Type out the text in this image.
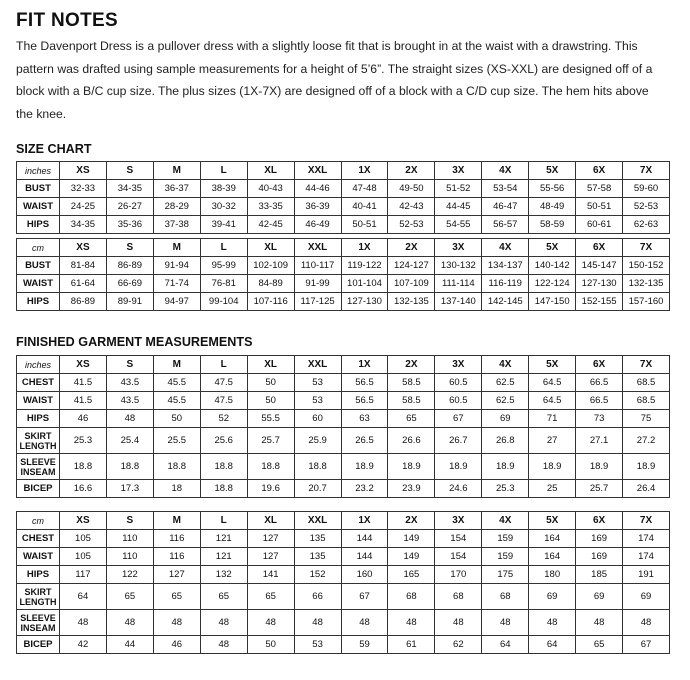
FIT NOTES

The Davenport Dress is a pullover dress with a slightly loose fit that is brought in at the waist with a drawstring. This
pattern was drafted using sample measurements for a height of 5’6”. The straight sizes (XS-XXL) are designed off of a
block with a B/C cup size. The plus sizes (1X-7X) are designed off of a block with a C/D cup size. The hem hits above
the knee.

SIZE CHART
inches	XS	S	M	L	XL	XXL	1X	2X	3X	4X	5X	6X	7X
BUST	32-33	34-35	36-37	38-39	40-43	44-46	47-48	49-50	51-52	53-54	55-56	57-58	59-60
WAIST	24-25	26-27	28-29	30-32	33-35	36-39	40-41	42-43	44-45	46-47	48-49	50-51	52-53
HIPS	34-35	35-36	37-38	39-41	42-45	46-49	50-51	52-53	54-55	56-57	58-59	60-61	62-63
cm	XS	S	M	L	XL	XXL	1X	2X	3X	4X	5X	6X	7X
BUST	81-84	86-89	91-94	95-99	102-109	110-117	119-122	124-127	130-132	134-137	140-142	145-147	150-152
WAIST	61-64	66-69	71-74	76-81	84-89	91-99	101-104	107-109	111-114	116-119	122-124	127-130	132-135
HIPS	86-89	89-91	94-97	99-104	107-116	117-125	127-130	132-135	137-140	142-145	147-150	152-155	157-160
FINISHED GARMENT MEASUREMENTS
inches	XS	S	M	L	XL	XXL	1X	2X	3X	4X	5X	6X	7X
CHEST	41.5	43.5	45.5	47.5	50	53	56.5	58.5	60.5	62.5	64.5	66.5	68.5
WAIST	41.5	43.5	45.5	47.5	50	53	56.5	58.5	60.5	62.5	64.5	66.5	68.5
HIPS	46	48	50	52	55.5	60	63	65	67	69	71	73	75
SKIRT
LENGTH	25.3	25.4	25.5	25.6	25.7	25.9	26.5	26.6	26.7	26.8	27	27.1	27.2
SLEEVE
INSEAM	18.8	18.8	18.8	18.8	18.8	18.8	18.9	18.9	18.9	18.9	18.9	18.9	18.9
BICEP	16.6	17.3	18	18.8	19.6	20.7	23.2	23.9	24.6	25.3	25	25.7	26.4
cm	XS	S	M	L	XL	XXL	1X	2X	3X	4X	5X	6X	7X
CHEST	105	110	116	121	127	135	144	149	154	159	164	169	174
WAIST	105	110	116	121	127	135	144	149	154	159	164	169	174
HIPS	117	122	127	132	141	152	160	165	170	175	180	185	191
SKIRT
LENGTH	64	65	65	65	65	66	67	68	68	68	69	69	69
SLEEVE
INSEAM	48	48	48	48	48	48	48	48	48	48	48	48	48
BICEP	42	44	46	48	50	53	59	61	62	64	64	65	67
